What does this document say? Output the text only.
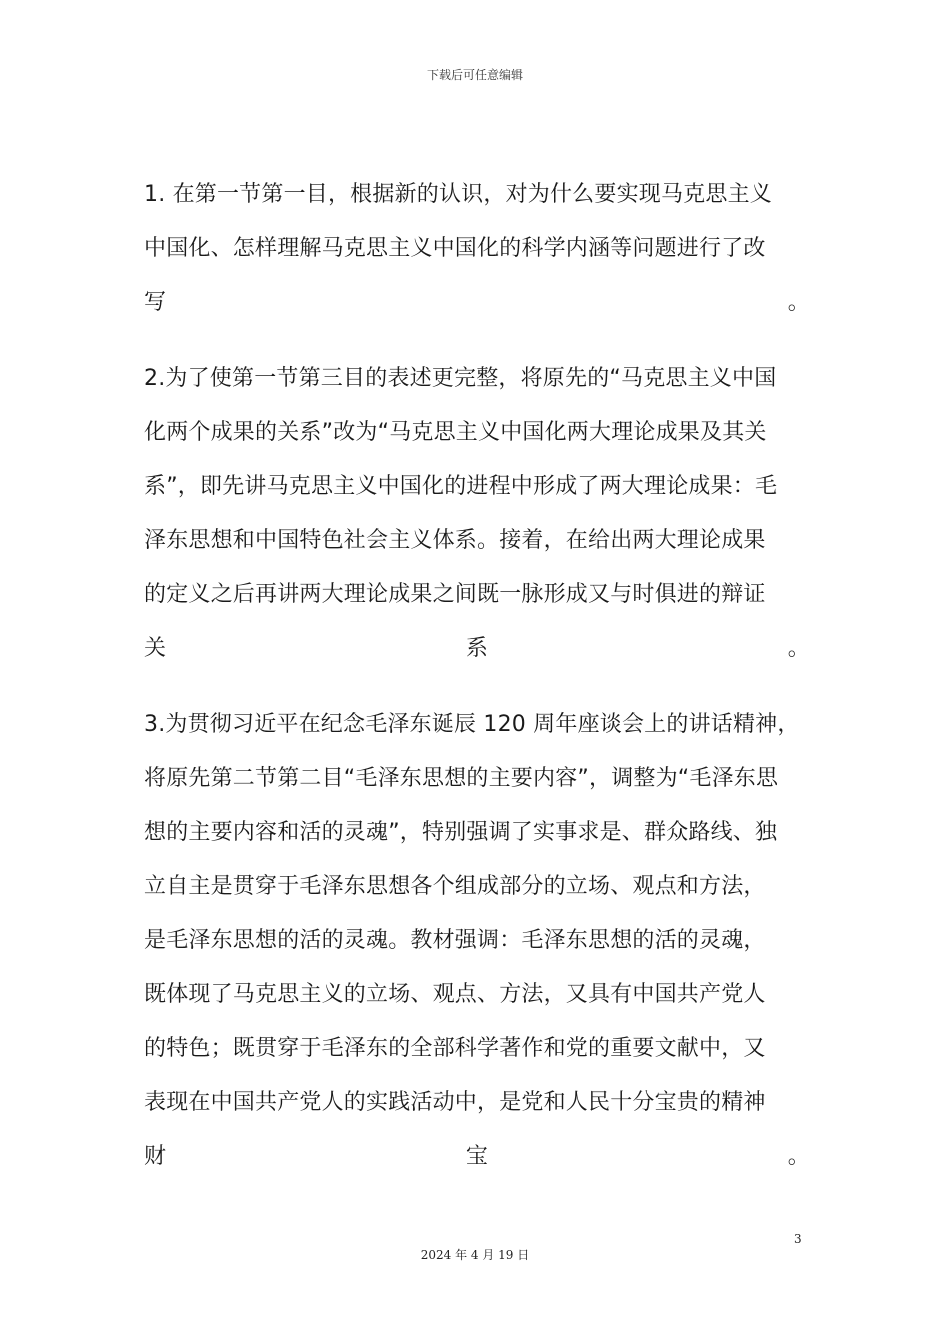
下载后可任意编辑
1. 在第一节第一目，根据新的认识，对为什么要实现马克思主义
中国化、怎样理解马克思主义中国化的科学内涵等问题进行了改
写	。
2.为了使第一节第三目的表述更完整，将原先的“马克思主义中国
化两个成果的关系”改为“马克思主义中国化两大理论成果及其关
系”，即先讲马克思主义中国化的进程中形成了两大理论成果：毛
泽东思想和中国特色社会主义体系。接着，在给出两大理论成果
的定义之后再讲两大理论成果之间既一脉形成又与时俱进的辩证
关	系	。
3.为贯彻习近平在纪念毛泽东诞辰 120 周年座谈会上的讲话精神，
将原先第二节第二目“毛泽东思想的主要内容”，调整为“毛泽东思
想的主要内容和活的灵魂”，特别强调了实事求是、群众路线、独
立自主是贯穿于毛泽东思想各个组成部分的立场、观点和方法，
是毛泽东思想的活的灵魂。教材强调：毛泽东思想的活的灵魂，
既体现了马克思主义的立场、观点、方法，又具有中国共产党人
的特色；既贯穿于毛泽东的全部科学著作和党的重要文献中，又
表现在中国共产党人的实践活动中，是党和人民十分宝贵的精神
财	宝	。
3
2024 年 4 月 19 日
